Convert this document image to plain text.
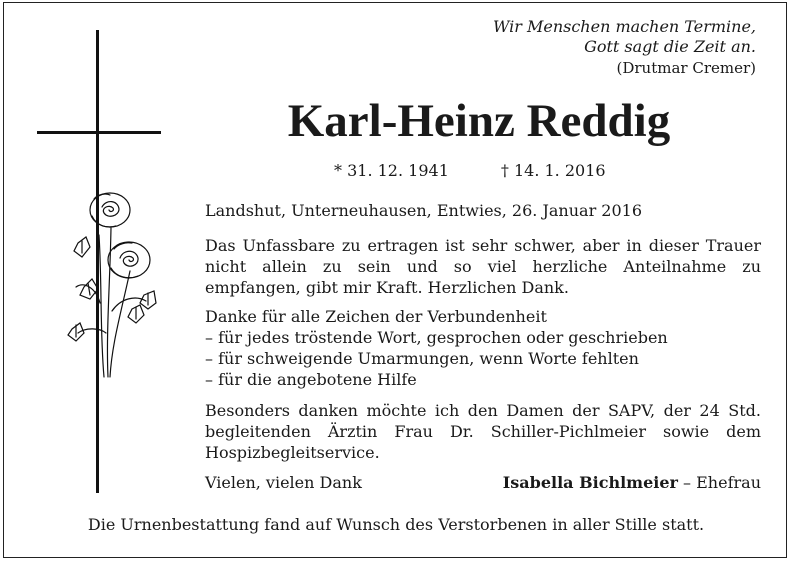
Wir Menschen machen Termine,
Gott sagt die Zeit an.
(Drutmar Cremer)
Karl-Heinz Reddig
* 31. 12. 1941	† 14. 1. 2016
Landshut, Unterneuhausen, Entwies, 26. Januar 2016
Das Unfassbare zu ertragen ist sehr schwer, aber in dieser Trauer nicht allein zu sein und so viel herzliche Anteilnahme zu empfangen, gibt mir Kraft. Herzlichen Dank.
Danke für alle Zeichen der Verbundenheit
– für jedes tröstende Wort, gesprochen oder geschrieben
– für schweigende Umarmungen, wenn Worte fehlten
– für die angebotene Hilfe
Besonders danken möchte ich den Damen der SAPV, der 24 Std. begleitenden Ärztin Frau Dr. Schiller-Pichlmeier sowie dem Hospizbegleitservice.
Vielen, vielen Dank	Isabella Bichlmeier – Ehefrau
Die Urnenbestattung fand auf Wunsch des Verstorbenen in aller Stille statt.
